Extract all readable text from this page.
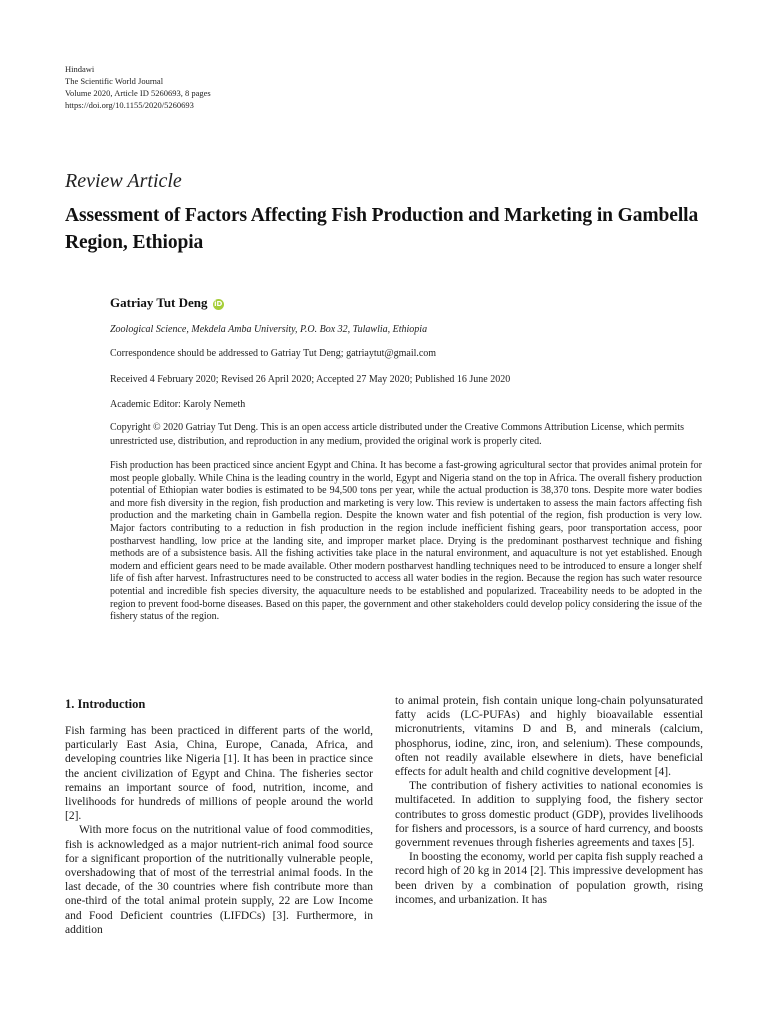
Hindawi
The Scientific World Journal
Volume 2020, Article ID 5260693, 8 pages
https://doi.org/10.1155/2020/5260693
Review Article
Assessment of Factors Affecting Fish Production and Marketing in Gambella Region, Ethiopia
Gatriay Tut Deng iD
Zoological Science, Mekdela Amba University, P.O. Box 32, Tulawlia, Ethiopia
Correspondence should be addressed to Gatriay Tut Deng; gatriaytut@gmail.com
Received 4 February 2020; Revised 26 April 2020; Accepted 27 May 2020; Published 16 June 2020
Academic Editor: Karoly Nemeth
Copyright © 2020 Gatriay Tut Deng. This is an open access article distributed under the Creative Commons Attribution License, which permits unrestricted use, distribution, and reproduction in any medium, provided the original work is properly cited.
Fish production has been practiced since ancient Egypt and China. It has become a fast-growing agricultural sector that provides animal protein for most people globally. While China is the leading country in the world, Egypt and Nigeria stand on the top in Africa. The overall fishery production potential of Ethiopian water bodies is estimated to be 94,500 tons per year, while the actual production is 38,370 tons. Despite more water bodies and more fish diversity in the region, fish production and marketing is very low. This review is undertaken to assess the main factors affecting fish production and the marketing chain in Gambella region. Despite the known water and fish potential of the region, fish production is very low. Major factors contributing to a reduction in fish production in the region include inefficient fishing gears, poor transportation access, poor postharvest handling, low price at the landing site, and improper market place. Drying is the predominant postharvest technique and fishing methods are of a subsistence basis. All the fishing activities take place in the natural environment, and aquaculture is not yet established. Enough modern and efficient gears need to be made available. Other modern postharvest handling techniques need to be introduced to ensure a longer shelf life of fish after harvest. Infrastructures need to be constructed to access all water bodies in the region. Because the region has such water resource potential and incredible fish species diversity, the aquaculture needs to be established and popularized. Traceability needs to be adopted in the region to prevent food-borne diseases. Based on this paper, the government and other stakeholders could develop policy considering the issue of the fishery status of the region.
1. Introduction

Fish farming has been practiced in different parts of the world, particularly East Asia, China, Europe, Canada, Africa, and developing countries like Nigeria [1]. It has been in practice since the ancient civilization of Egypt and China. The fisheries sector remains an important source of food, nutrition, income, and livelihoods for hundreds of millions of people around the world [2].

With more focus on the nutritional value of food commodities, fish is acknowledged as a major nutrient-rich animal food source for a significant proportion of the nutritionally vulnerable people, overshadowing that of most of the terrestrial animal foods. In the last decade, of the 30 countries where fish contribute more than one-third of the total animal protein supply, 22 are Low Income and Food Deficient countries (LIFDCs) [3]. Furthermore, in addition

to animal protein, fish contain unique long-chain polyunsaturated fatty acids (LC-PUFAs) and highly bioavailable essential micronutrients, vitamins D and B, and minerals (calcium, phosphorus, iodine, zinc, iron, and selenium). These compounds, often not readily available elsewhere in diets, have beneficial effects for adult health and child cognitive development [4].

The contribution of fishery activities to national economies is multifaceted. In addition to supplying food, the fishery sector contributes to gross domestic product (GDP), provides livelihoods for fishers and processors, is a source of hard currency, and boosts government revenues through fisheries agreements and taxes [5].

In boosting the economy, world per capita fish supply reached a record high of 20 kg in 2014 [2]. This impressive development has been driven by a combination of population growth, rising incomes, and urbanization. It has
